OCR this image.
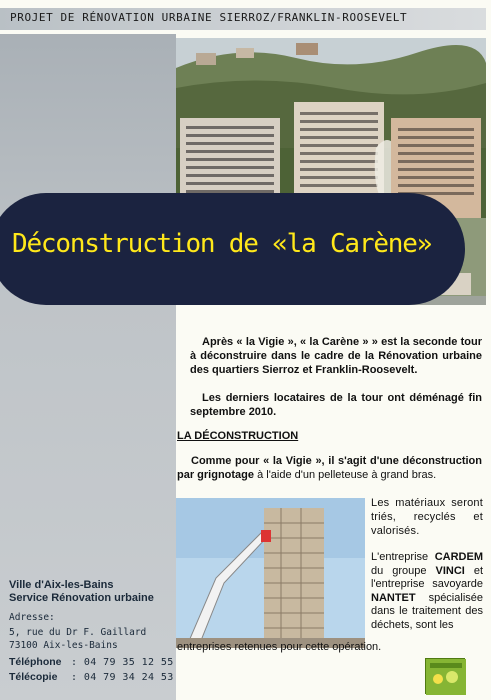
PROJET DE RÉNOVATION URBAINE SIERROZ/FRANKLIN-ROOSEVELT
Déconstruction de «la Carène»
Après « la Vigie », « la Carène » » est la seconde tour à déconstruire dans le cadre de la Rénovation urbaine des quartiers Sierroz et Franklin-Roosevelt.
Les derniers locataires de la tour ont déménagé fin septembre 2010.
LA DÉCONSTRUCTION
Comme pour « la Vigie », il s'agit d'une déconstruction par grignotage à l'aide d'un pelleteuse à grand bras.
Les matériaux seront triés, recyclés et valorisés.
L'entreprise CARDEM du groupe VINCI et l'entreprise savoyarde NANTET spécialisée dans le traitement des déchets, sont les
entreprises retenues pour cette opération.
Ville d'Aix-les-Bains
Service Rénovation urbaine
Adresse:
5, rue du Dr F. Gaillard
73100 Aix-les-Bains
Téléphone : 04 79 35 12 55
Télécopie : 04 79 34 24 53
